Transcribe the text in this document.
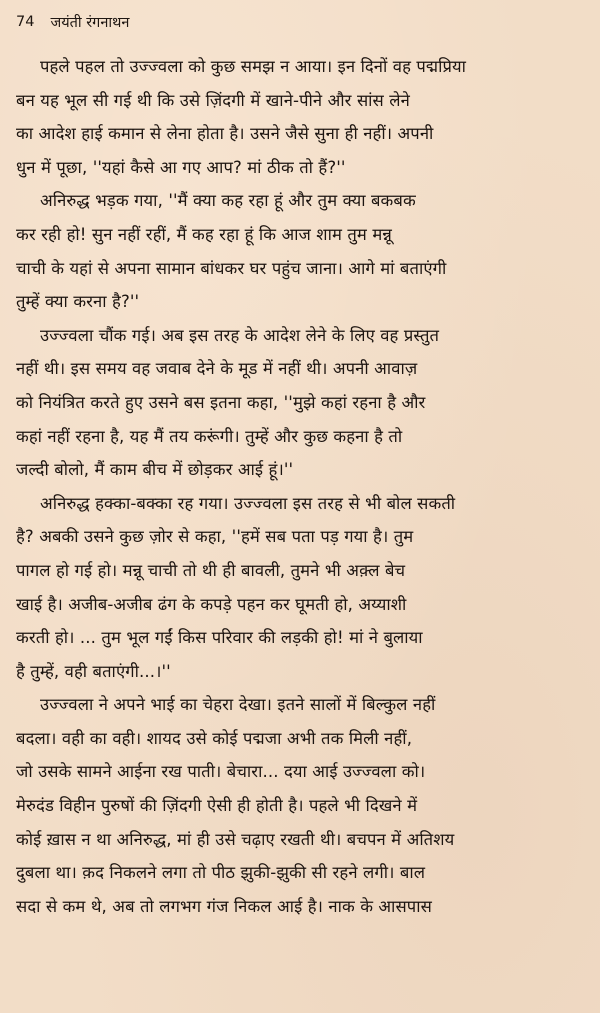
74 जयंती रंगनाथन
पहले पहल तो उज्ज्वला को कुछ समझ न आया। इन दिनों वह पद्मप्रिया
बन यह भूल सी गई थी कि उसे ज़िंदगी में खाने-पीने और सांस लेने
का आदेश हाई कमान से लेना होता है। उसने जैसे सुना ही नहीं। अपनी
धुन में पूछा, ''यहां कैसे आ गए आप? मां ठीक तो हैं?''
अनिरुद्ध भड़क गया, ''मैं क्या कह रहा हूं और तुम क्या बकबक
कर रही हो! सुन नहीं रहीं, मैं कह रहा हूं कि आज शाम तुम मन्नू
चाची के यहां से अपना सामान बांधकर घर पहुंच जाना। आगे मां बताएंगी
तुम्हें क्या करना है?''
उज्ज्वला चौंक गई। अब इस तरह के आदेश लेने के लिए वह प्रस्तुत
नहीं थी। इस समय वह जवाब देने के मूड में नहीं थी। अपनी आवाज़
को नियंत्रित करते हुए उसने बस इतना कहा, ''मुझे कहां रहना है और
कहां नहीं रहना है, यह मैं तय करूंगी। तुम्हें और कुछ कहना है तो
जल्दी बोलो, मैं काम बीच में छोड़कर आई हूं।''
अनिरुद्ध हक्का-बक्का रह गया। उज्ज्वला इस तरह से भी बोल सकती
है? अबकी उसने कुछ ज़ोर से कहा, ''हमें सब पता पड़ गया है। तुम
पागल हो गई हो। मन्नू चाची तो थी ही बावली, तुमने भी अक़्ल बेच
खाई है। अजीब-अजीब ढंग के कपड़े पहन कर घूमती हो, अय्याशी
करती हो। ... तुम भूल गईं किस परिवार की लड़की हो! मां ने बुलाया
है तुम्हें, वही बताएंगी...।''
उज्ज्वला ने अपने भाई का चेहरा देखा। इतने सालों में बिल्कुल नहीं
बदला। वही का वही। शायद उसे कोई पद्मजा अभी तक मिली नहीं,
जो उसके सामने आईना रख पाती। बेचारा... दया आई उज्ज्वला को।
मेरुदंड विहीन पुरुषों की ज़िंदगी ऐसी ही होती है। पहले भी दिखने में
कोई ख़ास न था अनिरुद्ध, मां ही उसे चढ़ाए रखती थी। बचपन में अतिशय
दुबला था। क़द निकलने लगा तो पीठ झुकी-झुकी सी रहने लगी। बाल
सदा से कम थे, अब तो लगभग गंज निकल आई है। नाक के आसपास
